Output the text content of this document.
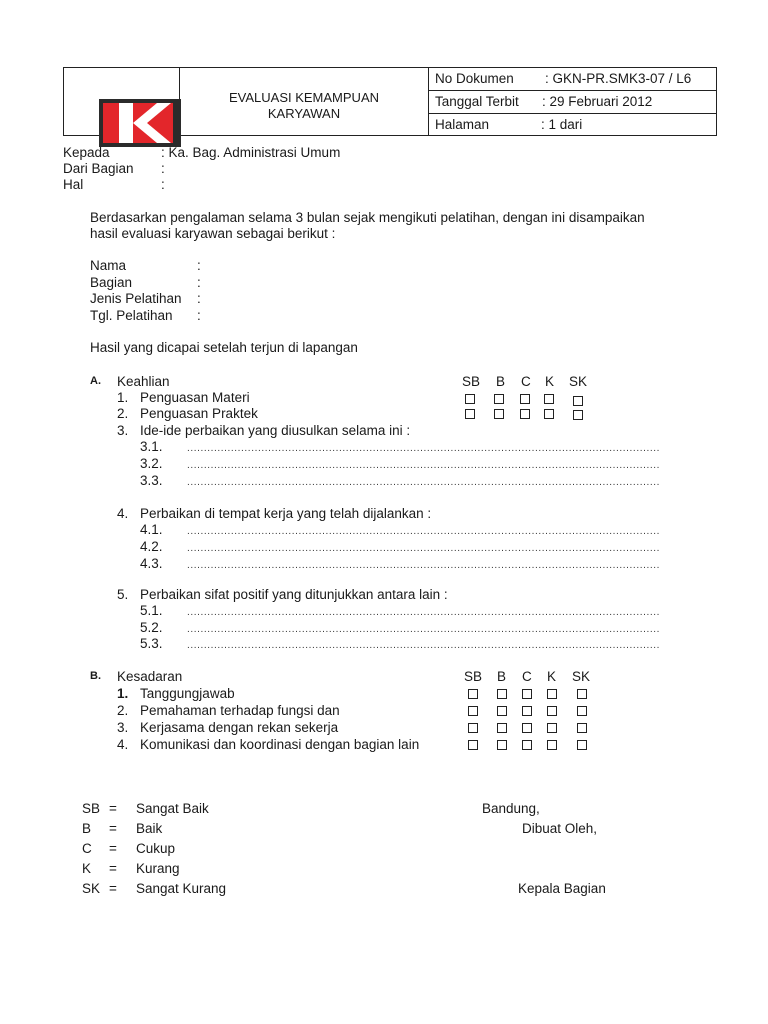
EVALUASI KEMAMPUAN
KARYAWAN
No Dokumen : GKN-PR.SMK3-07 / L6
Tanggal Terbit : 29 Februari 2012
Halaman	: 1 dari
Kepada	: Ka. Bag. Administrasi Umum
Dari Bagian :
Hal	:
Berdasarkan pengalaman selama 3 bulan sejak mengikuti pelatihan, dengan ini disampaikan
hasil evaluasi karyawan sebagai berikut :
Nama	:
Bagian	:
Jenis Pelatihan :
Tgl. Pelatihan :
Hasil yang dicapai setelah terjun di lapangan
A. Keahlian	SB B C K SK
1. Penguasan Materi
2. Penguasan Praktek
3. Ide-ide perbaikan yang diusulkan selama ini :
3.1. ............................................................................................................................................
3.2. ............................................................................................................................................
3.3. ............................................................................................................................................
4. Perbaikan di tempat kerja yang telah dijalankan :
4.1. ............................................................................................................................................
4.2. ............................................................................................................................................
4.3. ............................................................................................................................................
5. Perbaikan sifat positif yang ditunjukkan antara lain :
5.1. ............................................................................................................................................
5.2. ............................................................................................................................................
5.3. ............................................................................................................................................
B. Kesadaran	SB B C K SK
1. Tanggungjawab
2. Pemahaman terhadap fungsi dan
3. Kerjasama dengan rekan sekerja
4. Komunikasi dan koordinasi dengan bagian lain
SB = Sangat Baik
B = Baik
C = Cukup
K = Kurang
SK = Sangat Kurang
Bandung,
Dibuat Oleh,
Kepala Bagian
